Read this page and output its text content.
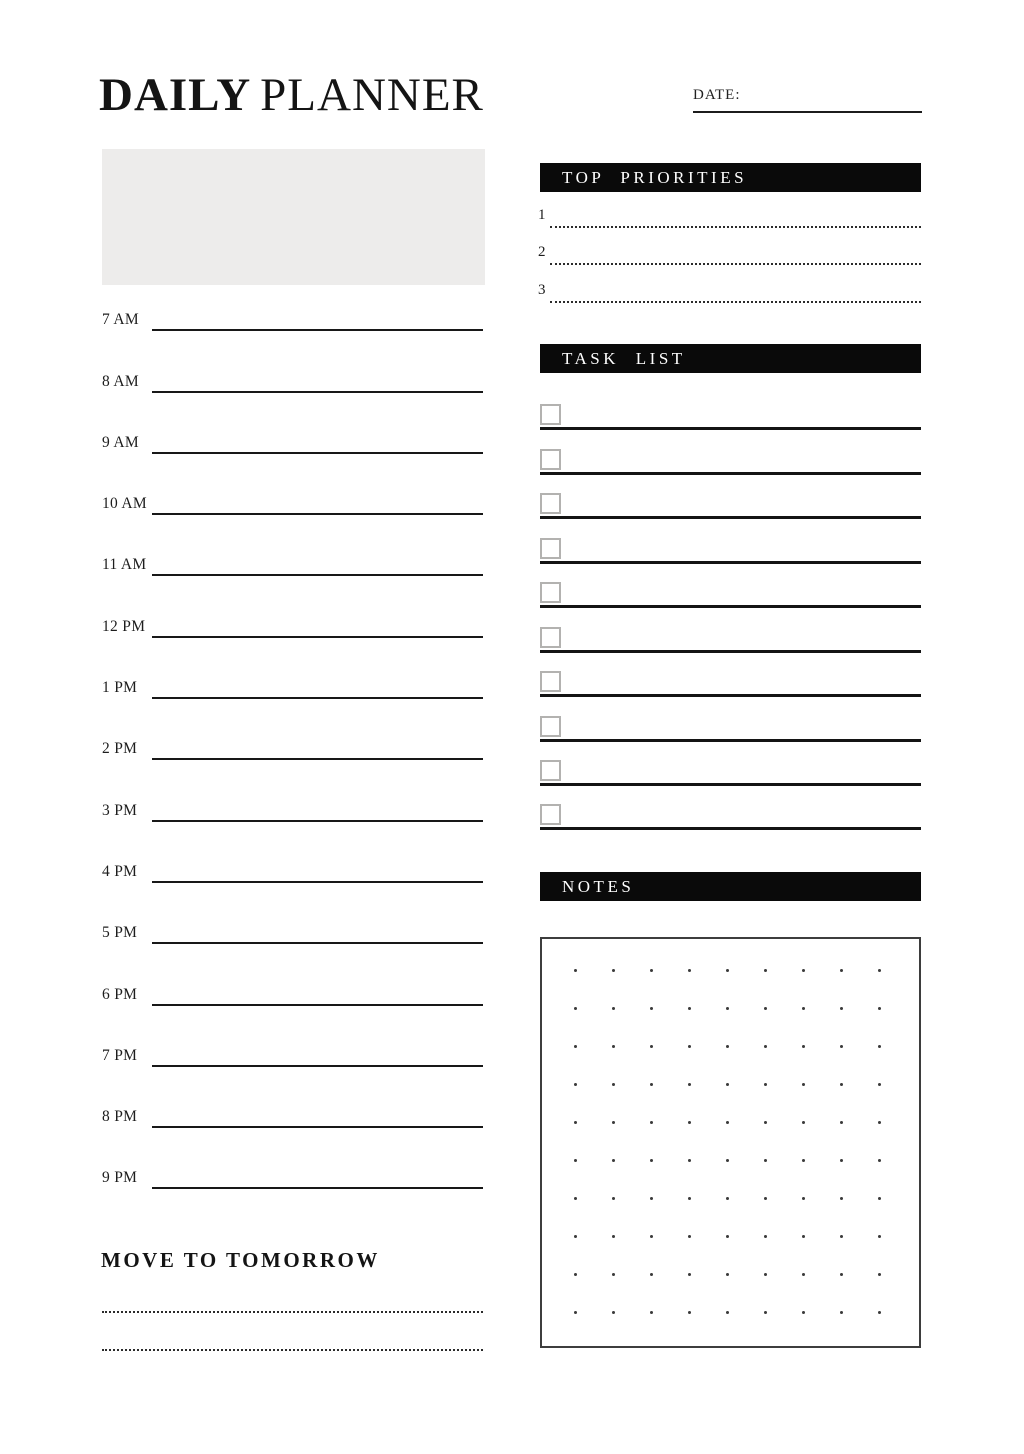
DAILY PLANNER	DATE:
7 AM
8 AM
9 AM
10 AM
11 AM
12 PM
1 PM
2 PM
3 PM
4 PM
5 PM
6 PM
7 PM
8 PM
9 PM
MOVE TO TOMORROW
TOP PRIORITIES
1
2
3
TASK LIST
NOTES
